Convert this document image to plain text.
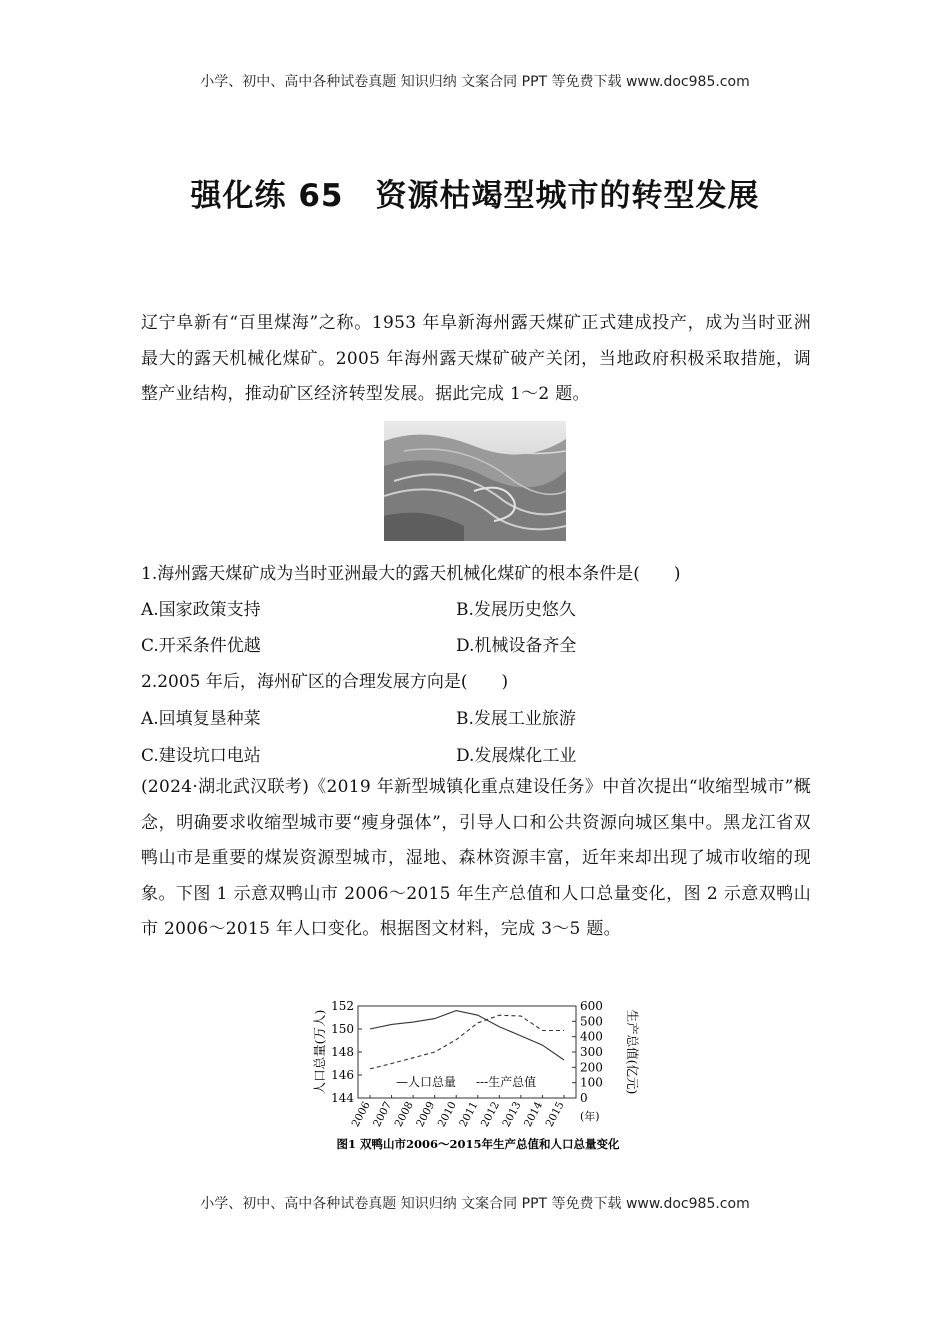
小学、初中、高中各种试卷真题 知识归纳 文案合同 PPT 等免费下载 www.doc985.com
强化练 65　资源枯竭型城市的转型发展
辽宁阜新有“百里煤海”之称。1953 年阜新海州露天煤矿正式建成投产，成为当时亚洲最大的露天机械化煤矿。2005 年海州露天煤矿破产关闭，当地政府积极采取措施，调整产业结构，推动矿区经济转型发展。据此完成 1～2 题。
1.海州露天煤矿成为当时亚洲最大的露天机械化煤矿的根本条件是(　　)
A.国家政策支持	B.发展历史悠久
C.开采条件优越	D.机械设备齐全
2.2005 年后，海州矿区的合理发展方向是(　　)
A.回填复垦种菜	B.发展工业旅游
C.建设坑口电站	D.发展煤化工业
(2024·湖北武汉联考)《2019 年新型城镇化重点建设任务》中首次提出“收缩型城市”概念，明确要求收缩型城市要“瘦身强体”，引导人口和公共资源向城区集中。黑龙江省双鸭山市是重要的煤炭资源型城市，湿地、森林资源丰富，近年来却出现了城市收缩的现象。下图 1 示意双鸭山市 2006～2015 年生产总值和人口总量变化，图 2 示意双鸭山市 2006～2015 年人口变化。根据图文材料，完成 3～5 题。
144
146
148
150
152
0
100
200
300
400
500
600
2006
2007
2008
2009
2010
2011
2012
2013
2014
2015 (年)
人口总量(万人)	生产总值(亿元)
—人口总量 ---生产总值
图1 双鸭山市2006～2015年生产总值和人口总量变化
小学、初中、高中各种试卷真题 知识归纳 文案合同 PPT 等免费下载 www.doc985.com
